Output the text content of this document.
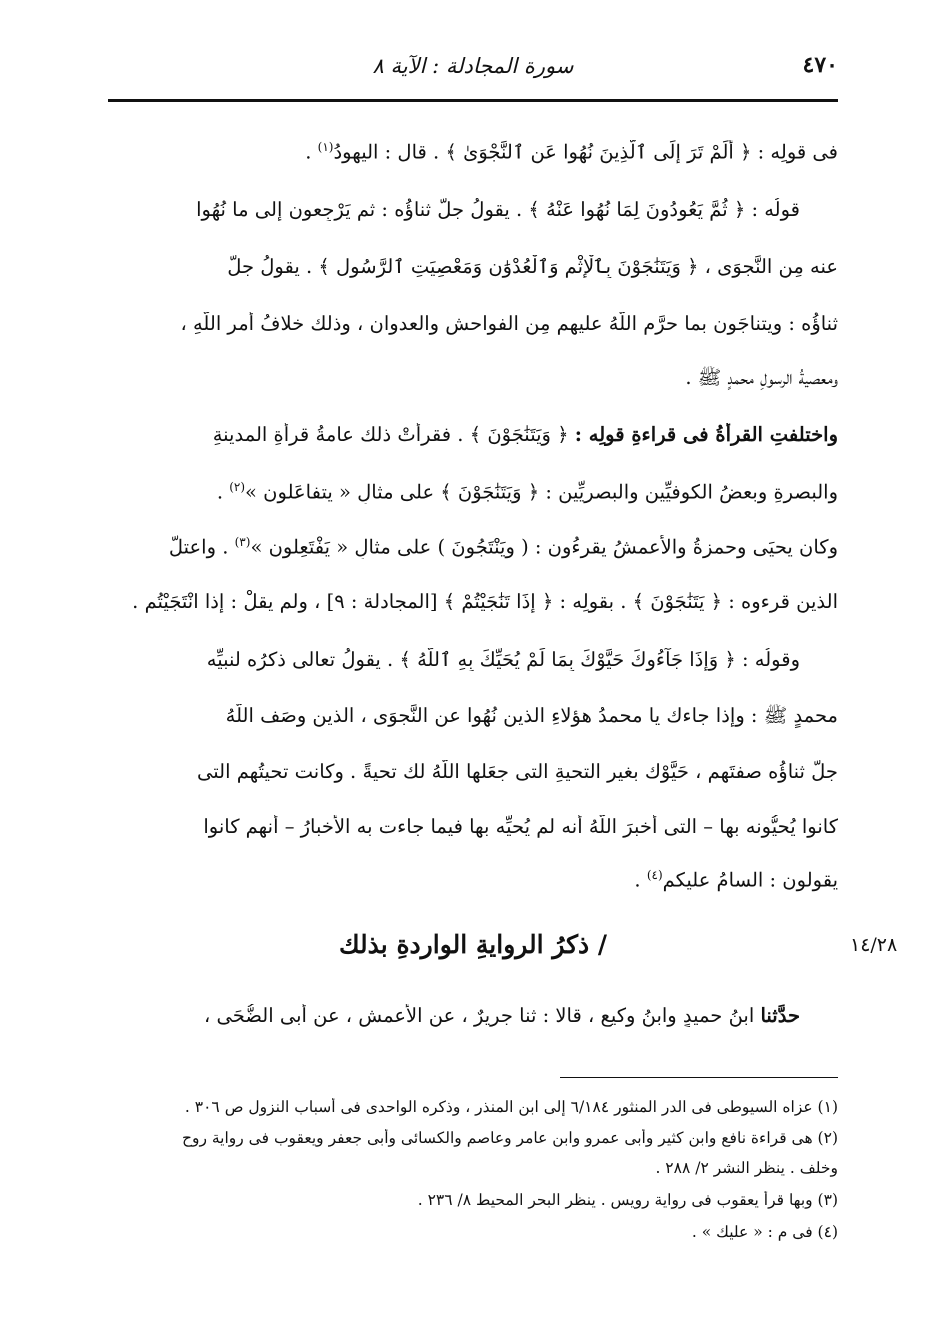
٤٧٠
سورة المجادلة : الآية ٨
فى قولِه : ﴿ أَلَمْ تَرَ إِلَى ٱلَّذِينَ نُهُوا عَنِ ٱلنَّجْوَىٰ ﴾ . قال : اليهودُ$^{(١)}$ .
قولُه : ﴿ ثُمَّ يَعُودُونَ لِمَا نُهُوا عَنْهُ ﴾ . يقولُ جلَّ ثناؤُه : ثم يَرْجِعون إلى ما نُهُوا
عنه مِن النَّجوَى ، ﴿ وَيَتَنَٰجَوْنَ بِٱلْإِثْمِ وَٱلْعُدْوَٰنِ وَمَعْصِيَتِ ٱلرَّسُولِ ﴾ . يقولُ جلَّ
ثناؤُه : ويتناجَون بما حرَّم اللَّهُ عليهم مِن الفواحشِ والعدوانِ ، وذلك خلافُ أمرِ اللَّهِ ،
ومعصيةُ الرسولِ محمدٍ ﷺ .
واختلفتِ القرأةُ فى قراءةِ قولِه : ﴿ وَيَتَنَٰجَوْنَ ﴾ . فقرأتْ ذلك عامةُ قرأةِ المدينةِ
والبصرةِ وبعضُ الكوفيِّين والبصريِّين : ﴿ وَيَتَنَٰجَوْنَ ﴾ على مثالِ « يتفاعَلون »$^{(٢)}$ .
وكان يحيَى وحمزةُ والأعمشُ يقرءُون : ( ويَنْتَجُونَ ) على مثالِ « يَفْتَعِلون »$^{(٣)}$ . واعتلّ
الذين قرءوه : ﴿ يَتَنَٰجَوْنَ ﴾ . بقولِه : ﴿ إِذَا تَنَٰجَيْتُمْ ﴾ [المجادلة : ٩] ، ولم يقلْ : إذا انْتَجَيْتُم .
وقولُه : ﴿ وَإِذَا جَآءُوكَ حَيَّوْكَ بِمَا لَمْ يُحَيِّكَ بِهِ ٱللَّهُ ﴾ . يقولُ تعالى ذكرُه لنبيِّه
محمدٍ ﷺ : وإذا جاءك يا محمدُ هؤلاءِ الذين نُهُوا عن النَّجوَى ، الذين وصَف اللَّهُ
جلّ ثناؤُه صفتَهم ، حَيَّوْك بغيرِ التحيةِ التى جعَلها اللَّهُ لك تحيةً . وكانت تحيتُهم التى
كانوا يُحيُّونه بها – التى أخبرَ اللَّهُ أنه لم يُحيِّه بها فيما جاءت به الأخبارُ – أنهم كانوا
يقولون : السامُ عليكم$^{(٤)}$ .
١٤/٢٨
/ ذكرُ الروايةِ الواردةِ بذلك
حدَّثنا ابنُ حميدٍ وابنُ وكيعٍ ، قالا : ثنا جريرٌ ، عن الأعمشِ ، عن أبى الضُّحَى ،
(١) عزاه السيوطى فى الدر المنثور ٦/١٨٤ إلى ابن المنذر ، وذكره الواحدى فى أسباب النزول ص ٣٠٦ .
(٢) هى قراءة نافع وابن كثير وأبى عمرو وابن عامر وعاصم والكسائى وأبى جعفر ويعقوب فى رواية روح
وخلف . ينظر النشر ٢/ ٢٨٨ .
(٣) وبها قرأ يعقوب فى رواية رويس . ينظر البحر المحيط ٨/ ٢٣٦ .
(٤) فى م : « عليك » .
